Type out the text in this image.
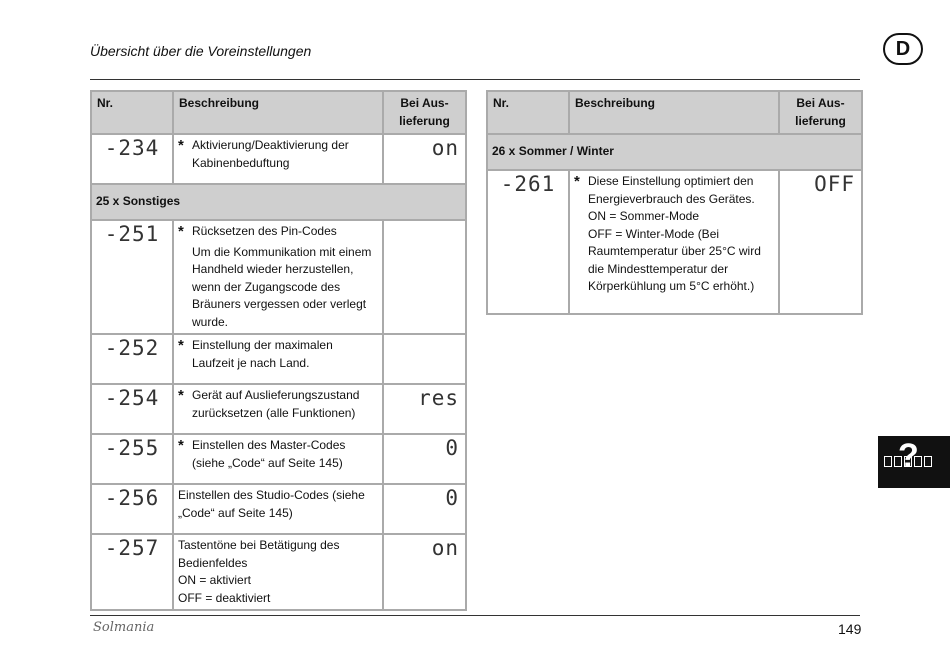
Übersicht über die Voreinstellungen	D
Nr.	Beschreibung	Bei Aus-
lieferung
-234	* Aktivierung/Deaktivierung der Kabinenbeduftung	on
25 x Sonstiges		
-251	* Rücksetzen des Pin-Codes
Um die Kommunikation mit einem Handheld wieder herzustellen, wenn der Zugangscode des Bräuners vergessen oder verlegt wurde.	

-252	* Einstellung der maximalen Laufzeit je nach Land.	

-254	* Gerät auf Auslieferungszustand zurücksetzen (alle Funktionen)	res
-255	* Einstellen des Master-Codes (siehe „Code“ auf Seite 145)	0
-256	Einstellen des Studio-Codes (siehe „Code“ auf Seite 145)	0
-257	Tastentöne bei Betätigung des Bedienfeldes
ON = aktiviert
OFF = deaktiviert	on
Nr.	Beschreibung	Bei Aus-
lieferung
26 x Sommer / Winter		
-261	* Diese Einstellung optimiert den Energieverbrauch des Gerätes.
ON = Sommer-Mode
OFF = Winter-Mode (Bei Raumtemperatur über 25°C wird die Mindesttemperatur der Körperkühlung um 5°C erhöht.)	OFF
?
Solmania	149
